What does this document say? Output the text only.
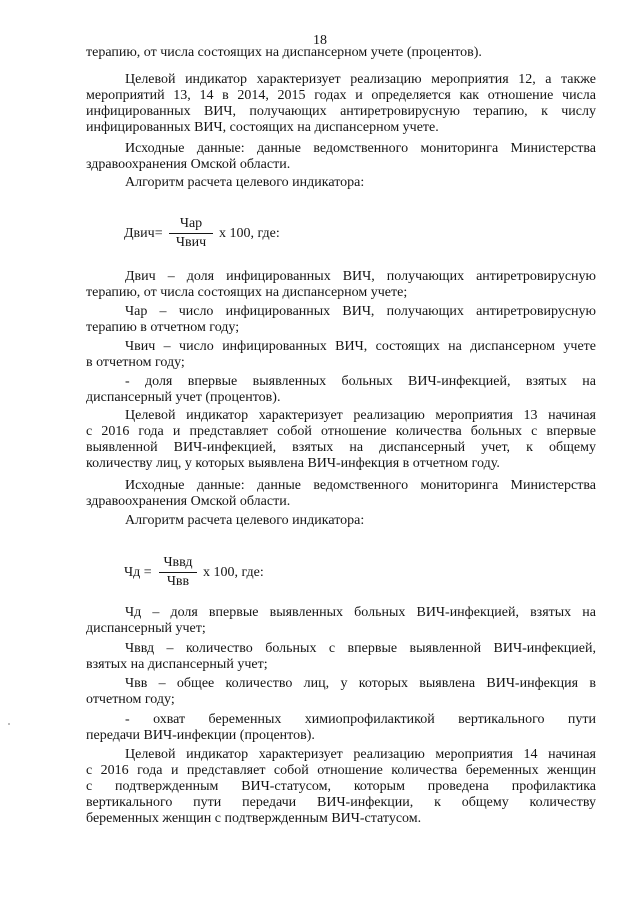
18
терапию, от числа состоящих на диспансерном учете (процентов).
Целевой индикатор характеризует реализацию мероприятия 12, а также
мероприятий 13, 14 в 2014, 2015 годах и определяется как отношение числа
инфицированных ВИЧ, получающих антиретровирусную терапию, к числу
инфицированных ВИЧ, состоящих на диспансерном учете.
Исходные данные: данные ведомственного мониторинга Министерства
здравоохранения Омской области.
Алгоритм расчета целевого индикатора:
Двич=
Чар
Чвич
х 100, где:
Двич – доля инфицированных ВИЧ, получающих антиретровирусную
терапию, от числа состоящих на диспансерном учете;
Чар – число инфицированных ВИЧ, получающих антиретровирусную
терапию в отчетном году;
Чвич – число инфицированных ВИЧ, состоящих на диспансерном учете
в отчетном году;
- доля впервые выявленных больных ВИЧ-инфекцией, взятых на
диспансерный учет (процентов).
Целевой индикатор характеризует реализацию мероприятия 13 начиная
с 2016 года и представляет собой отношение количества больных с впервые
выявленной ВИЧ-инфекцией, взятых на диспансерный учет, к общему
количеству лиц, у которых выявлена ВИЧ-инфекция в отчетном году.
Исходные данные: данные ведомственного мониторинга Министерства
здравоохранения Омской области.
Алгоритм расчета целевого индикатора:
Чд =
Чввд
Чвв
х 100, где:
Чд – доля впервые выявленных больных ВИЧ-инфекцией, взятых на
диспансерный учет;
Чввд – количество больных с впервые выявленной ВИЧ-инфекцией,
взятых на диспансерный учет;
Чвв – общее количество лиц, у которых выявлена ВИЧ-инфекция в
отчетном году;
- охват беременных химиопрофилактикой вертикального пути
передачи ВИЧ-инфекции (процентов).
Целевой индикатор характеризует реализацию мероприятия 14 начиная
с 2016 года и представляет собой отношение количества беременных женщин
с подтвержденным ВИЧ-статусом, которым проведена профилактика
вертикального пути передачи ВИЧ-инфекции, к общему количеству
беременных женщин с подтвержденным ВИЧ-статусом.
